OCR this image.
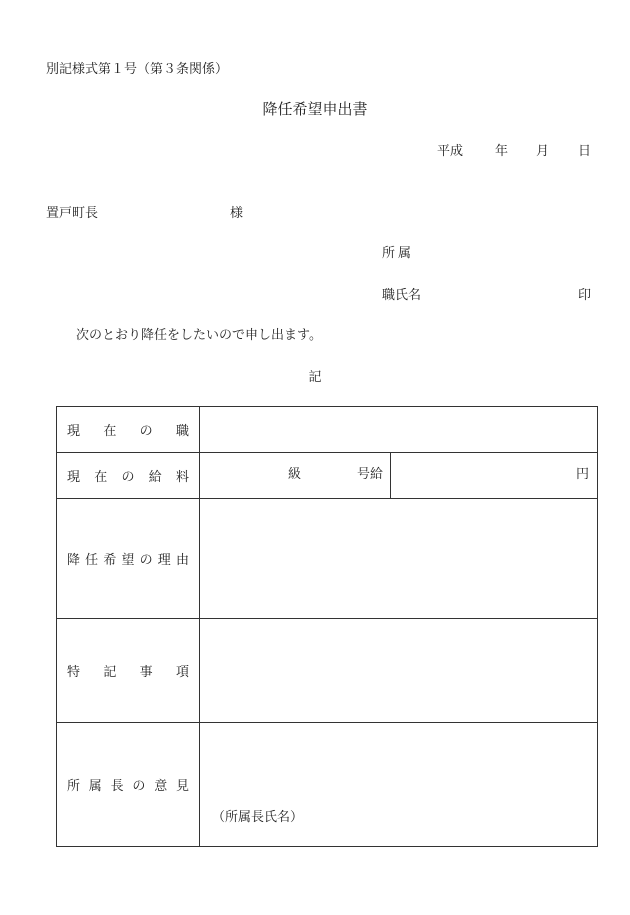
別記様式第１号（第３条関係）
降任希望申出書
平成 年 月 日
置戸町長	様
所属
職氏名	印
次のとおり降任をしたいので申し出ます。
記
現 在 の 職
現 在 の 給 料	級	号給	円
降 任 希 望 の 理 由
特 記 事 項
所 属 長 の 意 見
（所属長氏名）
